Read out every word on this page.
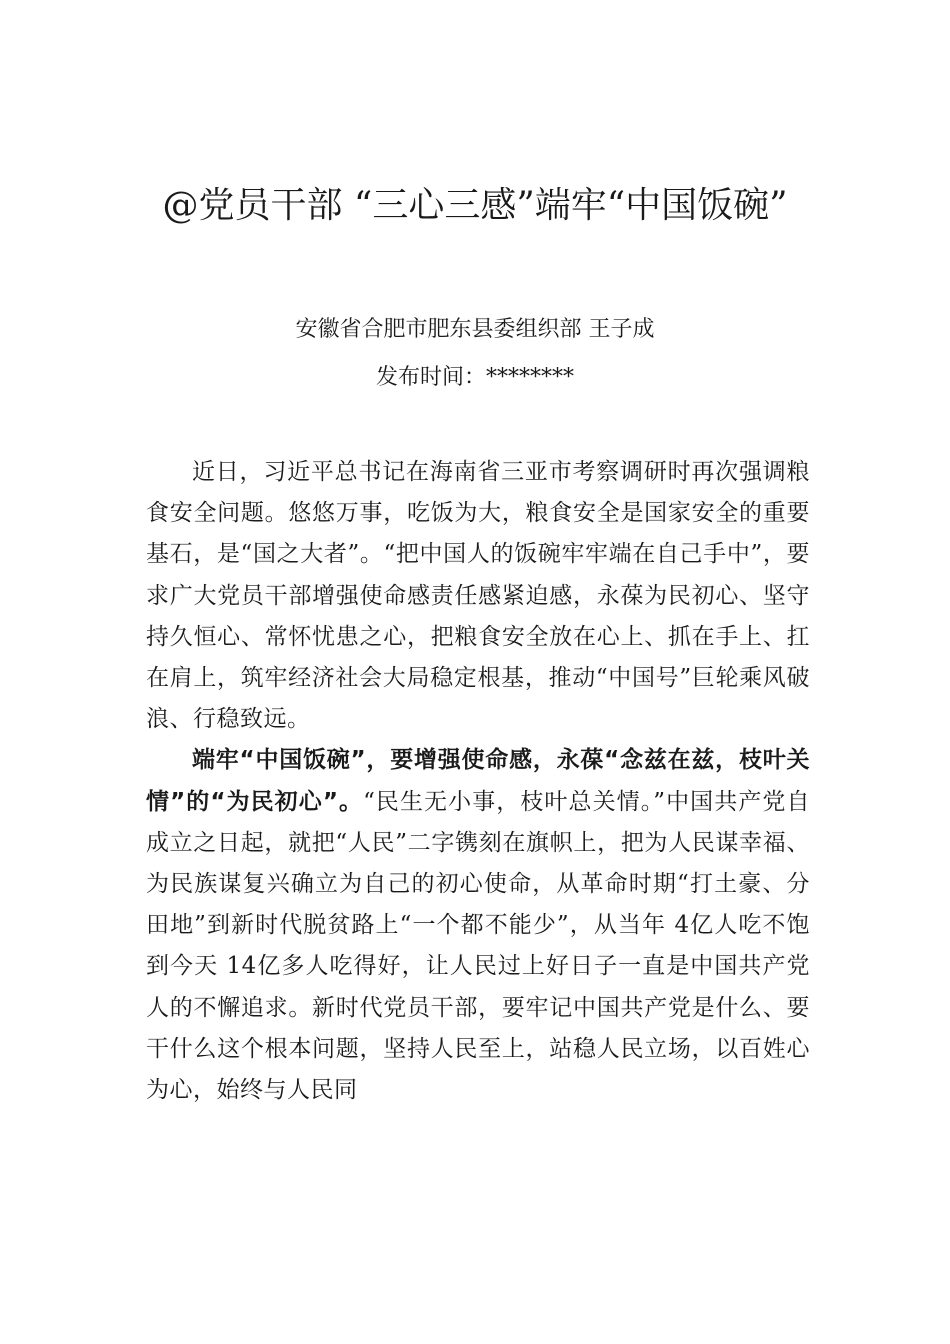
@党员干部 “三心三感”端牢“中国饭碗”

安徽省合肥市肥东县委组织部 王子成

发布时间：********

近日，习近平总书记在海南省三亚市考察调研时再次强调粮食安全问题。悠悠万事，吃饭为大，粮食安全是国家安全的重要基石，是“国之大者”。“把中国人的饭碗牢牢端在自己手中”，要求广大党员干部增强使命感责任感紧迫感，永葆为民初心、坚守持久恒心、常怀忧患之心，把粮食安全放在心上、抓在手上、扛在肩上，筑牢经济社会大局稳定根基，推动“中国号”巨轮乘风破浪、行稳致远。

端牢“中国饭碗”，要增强使命感，永葆“念兹在兹，枝叶关情”的“为民初心”。“民生无小事，枝叶总关情。”中国共产党自成立之日起，就把“人民”二字镌刻在旗帜上，把为人民谋幸福、为民族谋复兴确立为自己的初心使命，从革命时期“打土豪、分田地”到新时代脱贫路上“一个都不能少”，从当年 4亿人吃不饱到今天 14亿多人吃得好，让人民过上好日子一直是中国共产党人的不懈追求。新时代党员干部，要牢记中国共产党是什么、要干什么这个根本问题，坚持人民至上，站稳人民立场，以百姓心为心，始终与人民同
